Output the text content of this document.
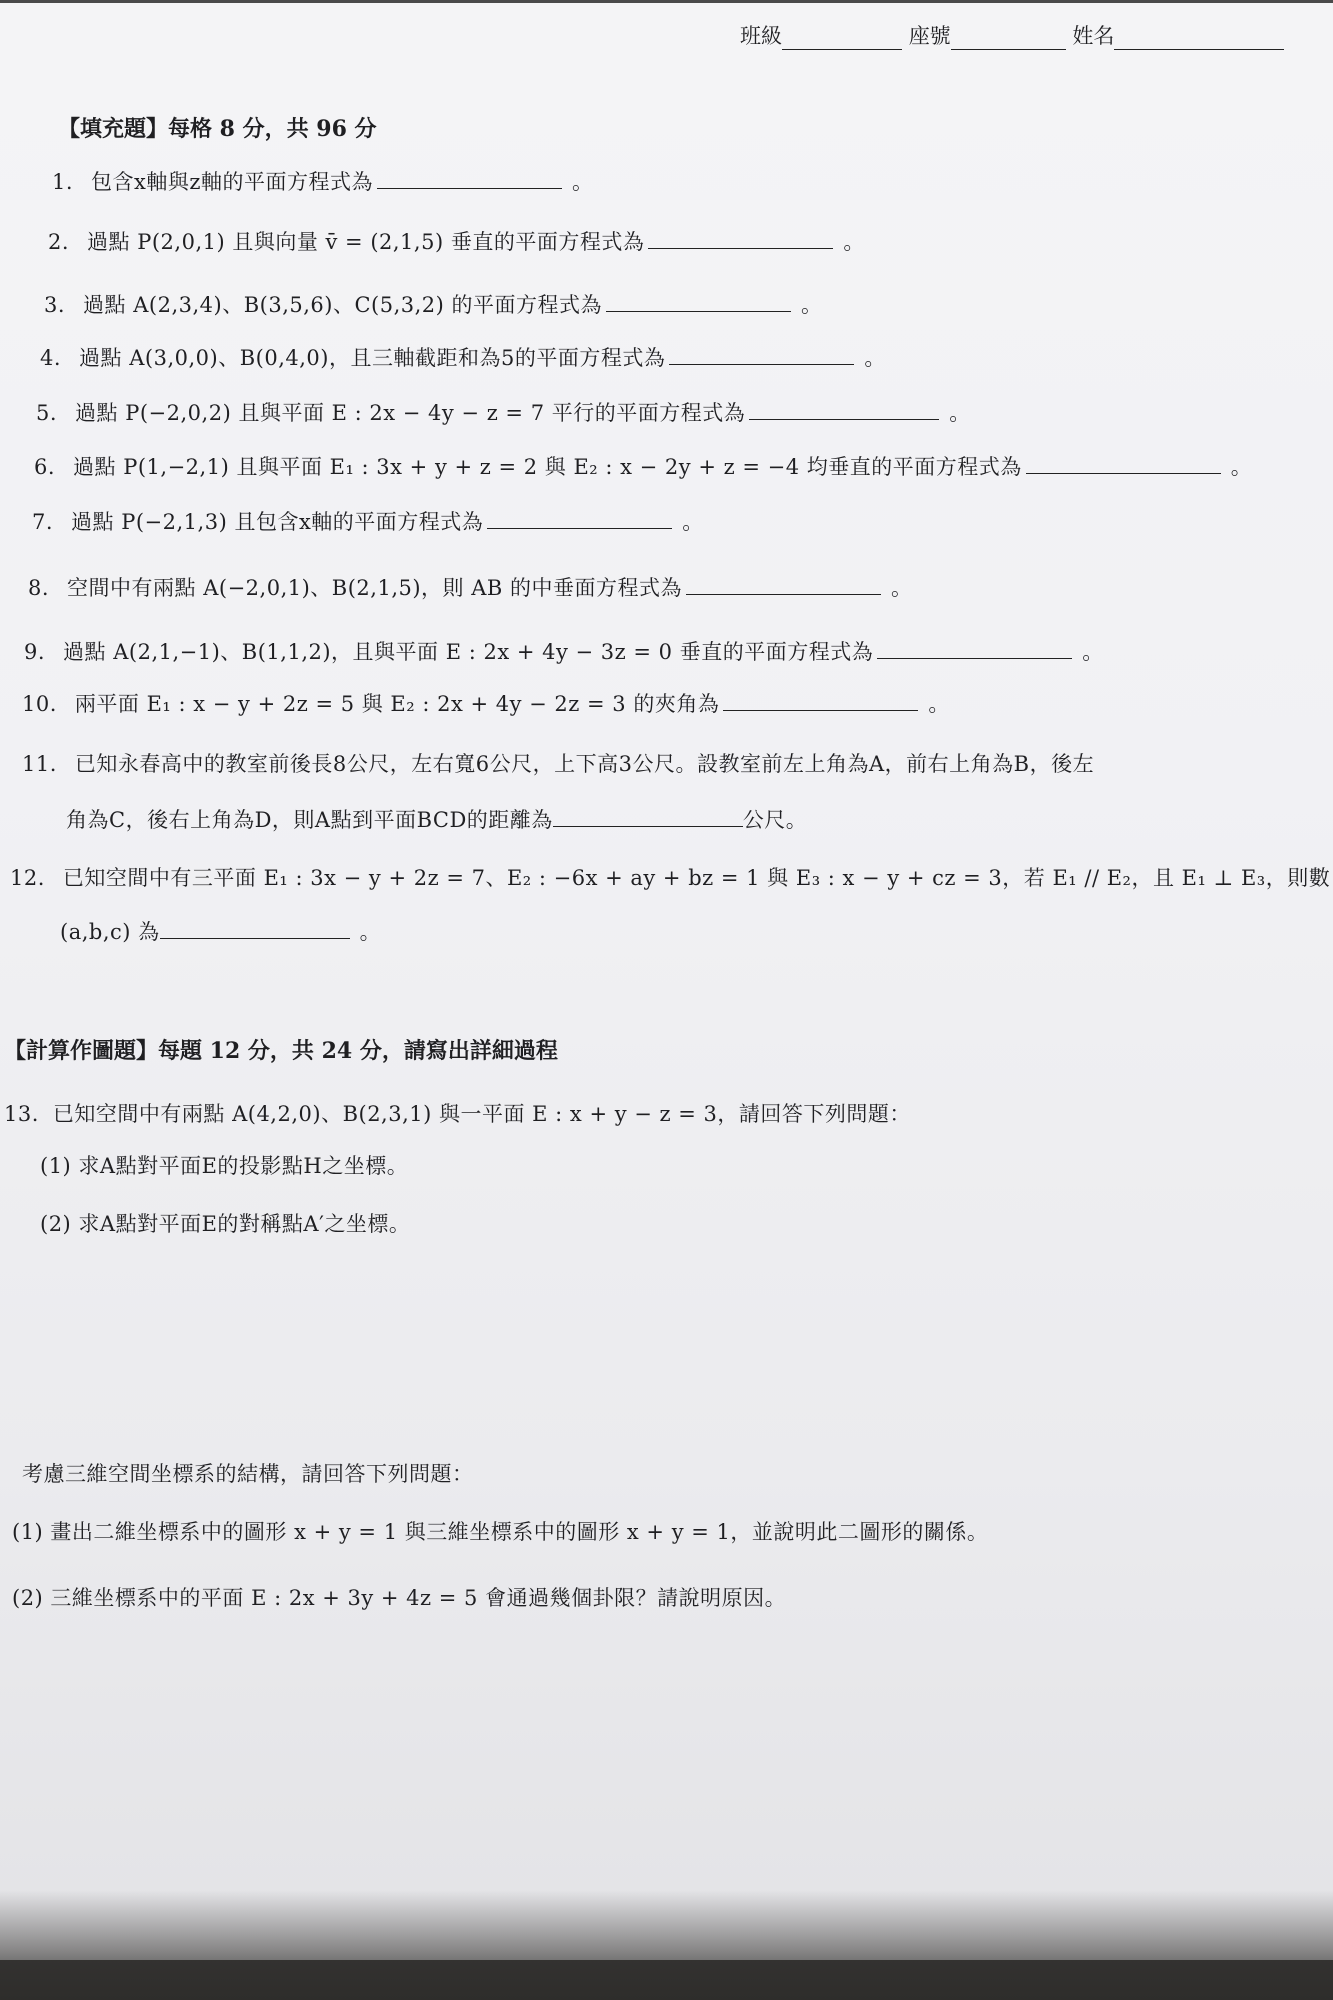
班級	座號	姓名
【填充題】每格 8 分，共 96 分
1. 包含x軸與z軸的平面方程式為	。
2. 過點 P(2,0,1) 且與向量 v̄ = (2,1,5) 垂直的平面方程式為	。
3. 過點 A(2,3,4)、B(3,5,6)、C(5,3,2) 的平面方程式為	。
4. 過點 A(3,0,0)、B(0,4,0)，且三軸截距和為5的平面方程式為	。
5. 過點 P(−2,0,2) 且與平面 E : 2x − 4y − z = 7 平行的平面方程式為	。
6. 過點 P(1,−2,1) 且與平面 E₁ : 3x + y + z = 2 與 E₂ : x − 2y + z = −4 均垂直的平面方程式為	。
7. 過點 P(−2,1,3) 且包含x軸的平面方程式為	。
8. 空間中有兩點 A(−2,0,1)、B(2,1,5)，則 AB 的中垂面方程式為	。
9. 過點 A(2,1,−1)、B(1,1,2)，且與平面 E : 2x + 4y − 3z = 0 垂直的平面方程式為	。
10. 兩平面 E₁ : x − y + 2z = 5 與 E₂ : 2x + 4y − 2z = 3 的夾角為	。
11. 已知永春高中的教室前後長8公尺，左右寬6公尺，上下高3公尺。設教室前左上角為A，前右上角為B，後左
角為C，後右上角為D，則A點到平面BCD的距離為	公尺。
12. 已知空間中有三平面 E₁ : 3x − y + 2z = 7、E₂ : −6x + ay + bz = 1 與 E₃ : x − y + cz = 3，若 E₁ // E₂，且 E₁ ⊥ E₃，則數
(a,b,c) 為	。
【計算作圖題】每題 12 分，共 24 分，請寫出詳細過程
13. 已知空間中有兩點 A(4,2,0)、B(2,3,1) 與一平面 E : x + y − z = 3，請回答下列問題：
(1) 求A點對平面E的投影點H之坐標。
(2) 求A點對平面E的對稱點A′之坐標。
考慮三維空間坐標系的結構，請回答下列問題：
(1) 畫出二維坐標系中的圖形 x + y = 1 與三維坐標系中的圖形 x + y = 1，並說明此二圖形的關係。
(2) 三維坐標系中的平面 E : 2x + 3y + 4z = 5 會通過幾個卦限？請說明原因。
